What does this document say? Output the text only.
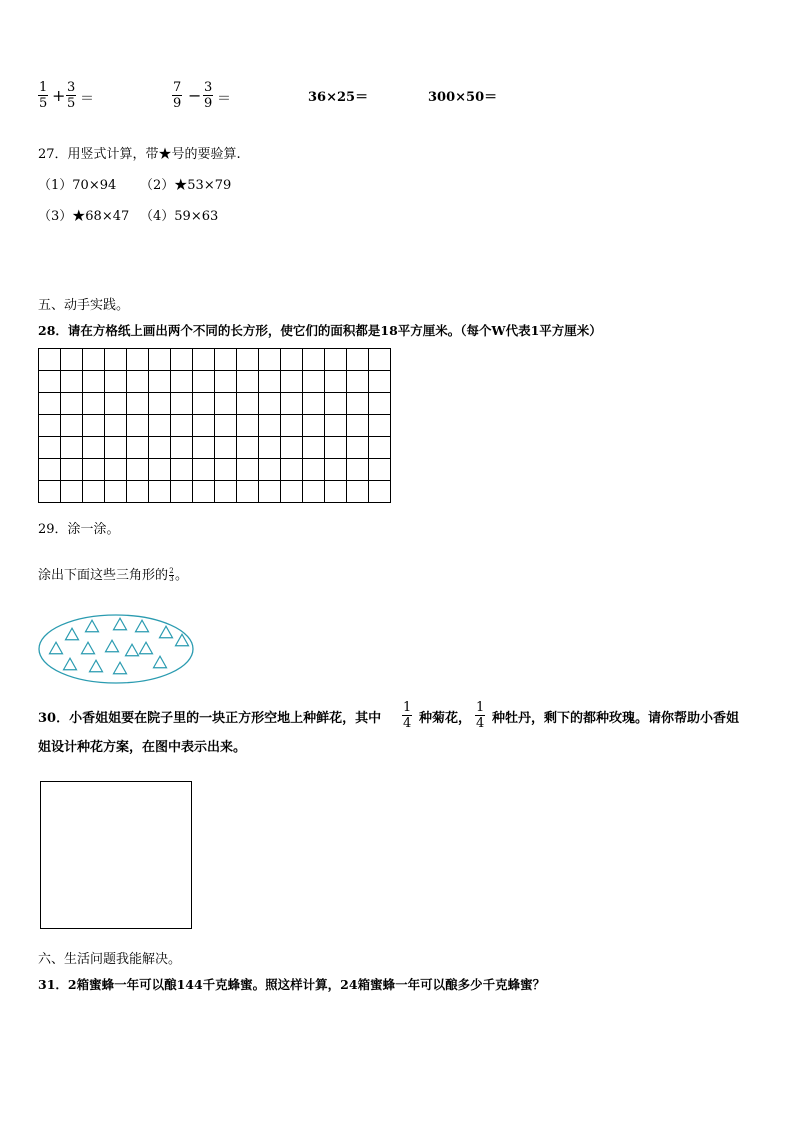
1
5 + 3
5 ＝
7
9 − 3
9 ＝	36×25＝	300×50＝
27．用竖式计算，带★号的要验算.
（1）70×94 （2）★53×79
（3）★68×47 （4）59×63
五、动手实践。
28．请在方格纸上画出两个不同的长方形，使它们的面积都是18平方厘米。（每个W代表1平方厘米）

29．涂一涂。
涂出下面这些三角形的 $\frac{2}{3}$ 。
30．小香姐姐要在院子里的一块正方形空地上种鲜花，其中
1
4 种菊花，
1
4 种牡丹，剩下的都种玫瑰。请你帮助小香姐
姐设计种花方案，在图中表示出来。
六、生活问题我能解决。
31．2箱蜜蜂一年可以酿144千克蜂蜜。照这样计算，24箱蜜蜂一年可以酿多少千克蜂蜜？
